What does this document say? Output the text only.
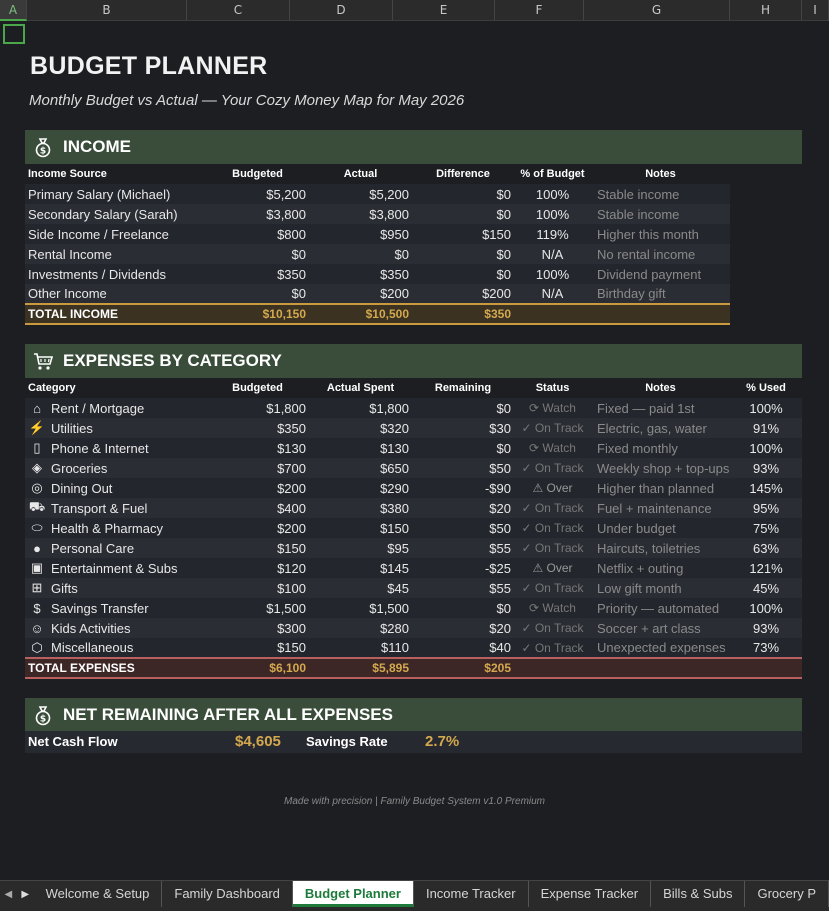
A	B	C	D	E	F	G	H	I
BUDGET PLANNER
Monthly Budget vs Actual — Your Cozy Money Map for May 2026
$ INCOME
Income Source	Budgeted	Actual	Difference	% of Budget	Notes
Primary Salary (Michael)	$5,200	$5,200	$0	100%	Stable income
Secondary Salary (Sarah)	$3,800	$3,800	$0	100%	Stable income
Side Income / Freelance	$800	$950	$150	119%	Higher this month
Rental Income	$0	$0	$0	N/A	No rental income
Investments / Dividends	$350	$350	$0	100%	Dividend payment
Other Income	$0	$200	$200	N/A	Birthday gift
TOTAL INCOME	$10,150	$10,500	$350		
EXPENSES BY CATEGORY
Category	Budgeted	Actual Spent	Remaining	Status	Notes	% Used

⌂ Rent / Mortgage	$1,800	$1,800	$0	⟳ Watch	Fixed — paid 1st	100%

⚡ Utilities	$350	$320	$30	✓ On Track	Electric, gas, water	91%

▯ Phone & Internet	$130	$130	$0	⟳ Watch	Fixed monthly	100%

◈ Groceries	$700	$650	$50	✓ On Track	Weekly shop + top-ups	93%

◎ Dining Out	$200	$290	-$90	⚠ Over	Higher than planned	145%

⛟ Transport & Fuel	$400	$380	$20	✓ On Track	Fuel + maintenance	95%

⬭ Health & Pharmacy	$200	$150	$50	✓ On Track	Under budget	75%

● Personal Care	$150	$95	$55	✓ On Track	Haircuts, toiletries	63%

▣ Entertainment & Subs	$120	$145	-$25	⚠ Over	Netflix + outing	121%

⊞ Gifts	$100	$45	$55	✓ On Track	Low gift month	45%

$ Savings Transfer	$1,500	$1,500	$0	⟳ Watch	Priority — automated	100%

☺ Kids Activities	$300	$280	$20	✓ On Track	Soccer + art class	93%

⬡ Miscellaneous	$150	$110	$40	✓ On Track	Unexpected expenses	73%
TOTAL EXPENSES	$6,100	$5,895	$205			
$ NET REMAINING AFTER ALL EXPENSES
Net Cash Flow	$4,605 Savings Rate 2.7%
Made with precision | Family Budget System v1.0 Premium
◀ ▶	Welcome & Setup	Family Dashboard	Budget Planner	Income Tracker	Expense Tracker	Bills & Subs	Grocery P
